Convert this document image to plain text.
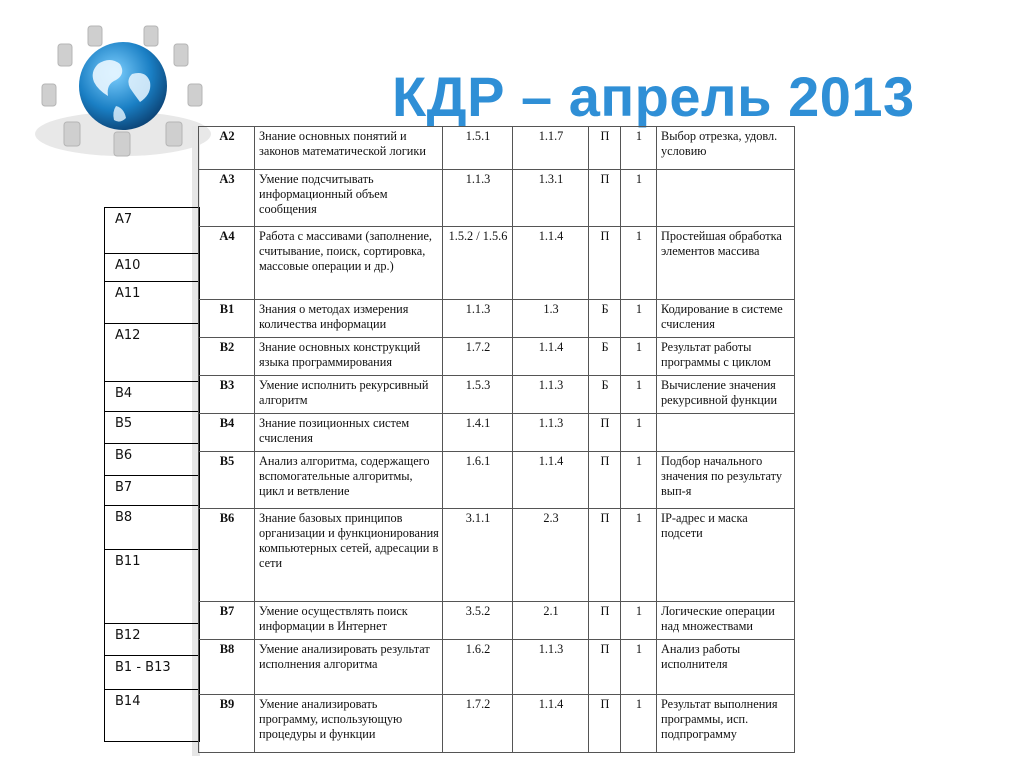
КДР – апрель 2013
А7
А10
А11
А12
В4
В5
В6
В7
В8
В11
В12
В1 - В13
В14
A2	Знание основных понятий и законов математической логики	1.5.1	1.1.7	П	1	Выбор отрезка, удовл. условию
A3	Умение подсчитывать информационный объем сообщения	1.1.3	1.3.1	П	1	
A4	Работа с массивами (заполнение, считывание, поиск, сортировка, массовые операции и др.)	1.5.2 / 1.5.6	1.1.4	П	1	Простейшая обработка элементов массива
B1	Знания о методах измерения количества информации	1.1.3	1.3	Б	1	Кодирование в системе счисления
B2	Знание основных конструкций языка программирования	1.7.2	1.1.4	Б	1	Результат работы программы с циклом
B3	Умение исполнить рекурсивный алгоритм	1.5.3	1.1.3	Б	1	Вычисление значения рекурсивной функции
B4	Знание позиционных систем счисления	1.4.1	1.1.3	П	1	
B5	Анализ алгоритма, содержащего вспомогательные алгоритмы, цикл и ветвление	1.6.1	1.1.4	П	1	Подбор начального значения по результату вып-я
B6	Знание базовых принципов организации и функционирования компьютерных сетей, адресации в сети	3.1.1	2.3	П	1	IP-адрес и маска подсети
B7	Умение осуществлять поиск информации в Интернет	3.5.2	2.1	П	1	Логические операции над множествами
B8	Умение анализировать результат исполнения алгоритма	1.6.2	1.1.3	П	1	Анализ работы исполнителя
B9	Умение анализировать программу, использующую процедуры и функции	1.7.2	1.1.4	П	1	Результат выполнения программы, исп. подпрограмму
